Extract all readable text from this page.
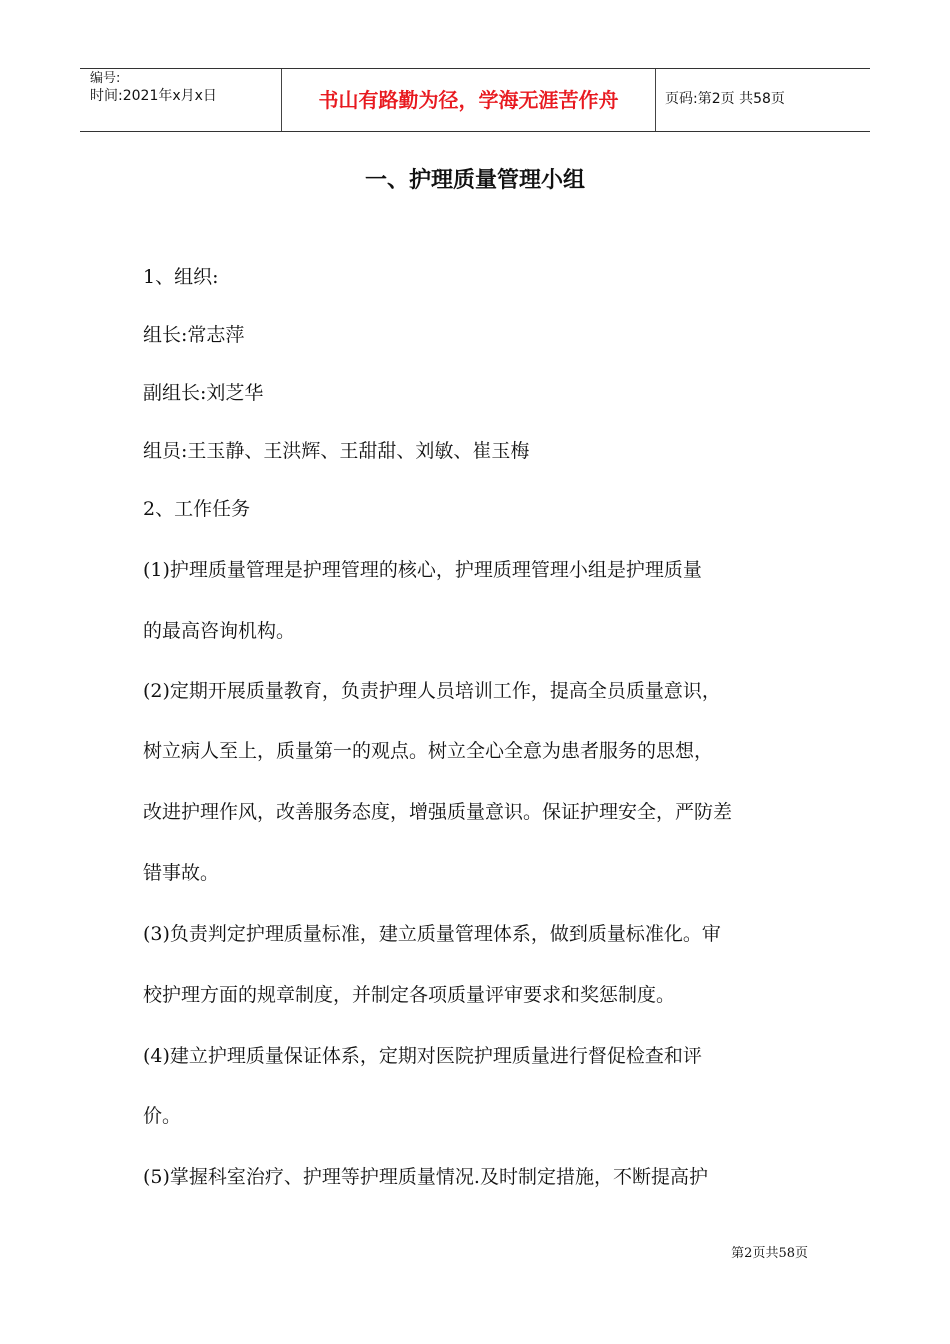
编号:
时间:2021年x月x日	书山有路勤为径，学海无涯苦作舟	页码:第2页 共58页
一、护理质量管理小组
1、组织:
组长:常志萍
副组长:刘芝华
组员:王玉静、王洪辉、王甜甜、刘敏、崔玉梅
2、工作任务
(1)护理质量管理是护理管理的核心，护理质理管理小组是护理质量
的最高咨询机构。
(2)定期开展质量教育，负责护理人员培训工作，提高全员质量意识，
树立病人至上，质量第一的观点。树立全心全意为患者服务的思想，
改进护理作风，改善服务态度，增强质量意识。保证护理安全，严防差
错事故。
(3)负责判定护理质量标准，建立质量管理体系，做到质量标准化。审
校护理方面的规章制度，并制定各项质量评审要求和奖惩制度。
(4)建立护理质量保证体系，定期对医院护理质量进行督促检查和评
价。
(5)掌握科室治疗、护理等护理质量情况.及时制定措施，不断提高护
第2页共58页
